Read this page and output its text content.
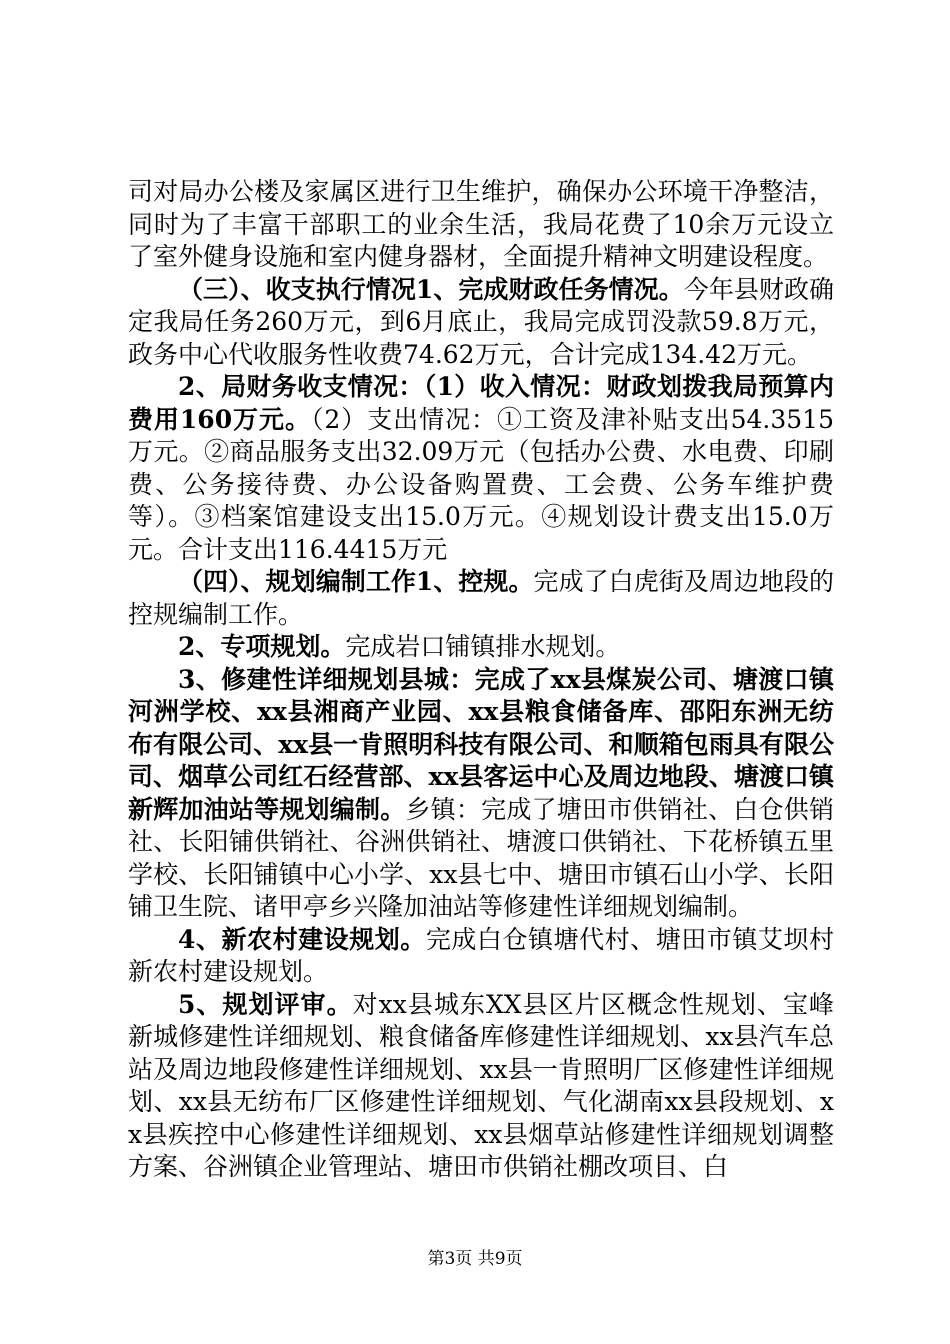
司对局办公楼及家属区进行卫生维护，确保办公环境干净整洁，同时为了丰富干部职工的业余生活，我局花费了10余万元设立了室外健身设施和室内健身器材，全面提升精神文明建设程度。

（三）、收支执行情况1、完成财政任务情况。今年县财政确定我局任务260万元，到6月底止，我局完成罚没款59.8万元，政务中心代收服务性收费74.62万元，合计完成134.42万元。

2、局财务收支情况：（1）收入情况：财政划拨我局预算内费用160万元。（2）支出情况：①工资及津补贴支出54.3515万元。②商品服务支出32.09万元（包括办公费、水电费、印刷费、公务接待费、办公设备购置费、工会费、公务车维护费等）。③档案馆建设支出15.0万元。④规划设计费支出15.0万元。合计支出116.4415万元

（四）、规划编制工作1、控规。完成了白虎街及周边地段的控规编制工作。

2、专项规划。完成岩口铺镇排水规划。

3、修建性详细规划县城：完成了xx县煤炭公司、塘渡口镇河洲学校、xx县湘商产业园、xx县粮食储备库、邵阳东洲无纺布有限公司、xx县一肯照明科技有限公司、和顺箱包雨具有限公司、烟草公司红石经营部、xx县客运中心及周边地段、塘渡口镇新辉加油站等规划编制。乡镇：完成了塘田市供销社、白仓供销社、长阳铺供销社、谷洲供销社、塘渡口供销社、下花桥镇五里学校、长阳铺镇中心小学、xx县七中、塘田市镇石山小学、长阳铺卫生院、诸甲亭乡兴隆加油站等修建性详细规划编制。

4、新农村建设规划。完成白仓镇塘代村、塘田市镇艾坝村新农村建设规划。

5、规划评审。对xx县城东XX县区片区概念性规划、宝峰新城修建性详细规划、粮食储备库修建性详细规划、xx县汽车总站及周边地段修建性详细规划、xx县一肯照明厂区修建性详细规划、xx县无纺布厂区修建性详细规划、气化湖南xx县段规划、xx县疾控中心修建性详细规划、xx县烟草站修建性详细规划调整方案、谷洲镇企业管理站、塘田市供销社棚改项目、白

第3页 共9页
